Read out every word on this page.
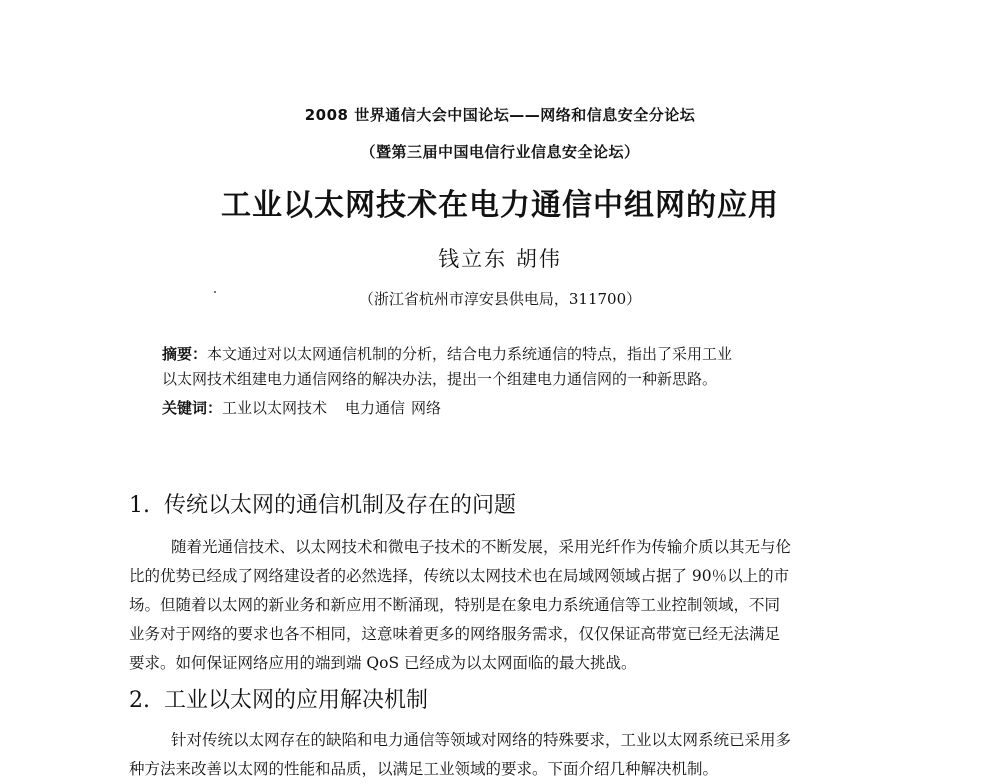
2008 世界通信大会中国论坛——网络和信息安全分论坛
（暨第三届中国电信行业信息安全论坛）
工业以太网技术在电力通信中组网的应用
钱立东 胡伟
（浙江省杭州市淳安县供电局，311700）
摘要：本文通过对以太网通信机制的分析，结合电力系统通信的特点，指出了采用工业
以太网技术组建电力通信网络的解决办法，提出一个组建电力通信网的一种新思路。
关键词：工业以太网技术 电力通信 网络
1. 传统以太网的通信机制及存在的问题
随着光通信技术、以太网技术和微电子技术的不断发展，采用光纤作为传输介质以其无与伦
比的优势已经成了网络建设者的必然选择，传统以太网技术也在局域网领域占据了 90％以上的市
场。但随着以太网的新业务和新应用不断涌现，特别是在象电力系统通信等工业控制领域，不同
业务对于网络的要求也各不相同，这意味着更多的网络服务需求，仅仅保证高带宽已经无法满足
要求。如何保证网络应用的端到端 QoS 已经成为以太网面临的最大挑战。
2. 工业以太网的应用解决机制
针对传统以太网存在的缺陷和电力通信等领域对网络的特殊要求，工业以太网系统已采用多
种方法来改善以太网的性能和品质，以满足工业领域的要求。下面介绍几种解决机制。
